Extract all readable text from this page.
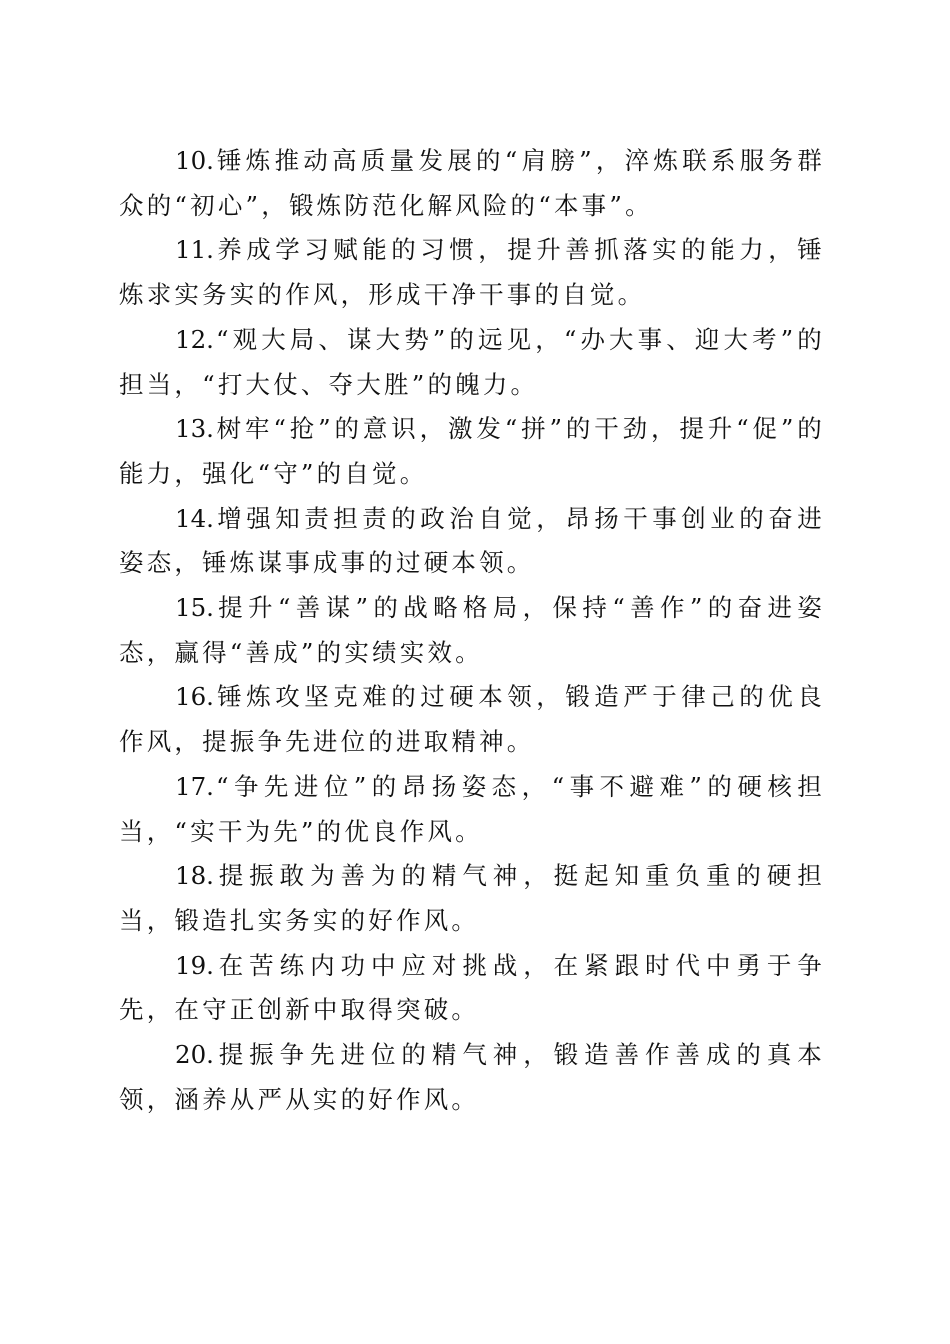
10.锤炼推动高质量发展的“肩膀”，淬炼联系服务群众的“初心”，锻炼防范化解风险的“本事”。

11.养成学习赋能的习惯，提升善抓落实的能力，锤炼求实务实的作风，形成干净干事的自觉。

12.“观大局、谋大势”的远见，“办大事、迎大考”的担当，“打大仗、夺大胜”的魄力。

13.树牢“抢”的意识，激发“拼”的干劲，提升“促”的能力，强化“守”的自觉。

14.增强知责担责的政治自觉，昂扬干事创业的奋进姿态，锤炼谋事成事的过硬本领。

15.提升“善谋”的战略格局，保持“善作”的奋进姿态，赢得“善成”的实绩实效。

16.锤炼攻坚克难的过硬本领，锻造严于律己的优良作风，提振争先进位的进取精神。

17.“争先进位”的昂扬姿态，“事不避难”的硬核担当，“实干为先”的优良作风。

18.提振敢为善为的精气神，挺起知重负重的硬担当，锻造扎实务实的好作风。

19.在苦练内功中应对挑战，在紧跟时代中勇于争先，在守正创新中取得突破。

20.提振争先进位的精气神，锻造善作善成的真本领，涵养从严从实的好作风。
